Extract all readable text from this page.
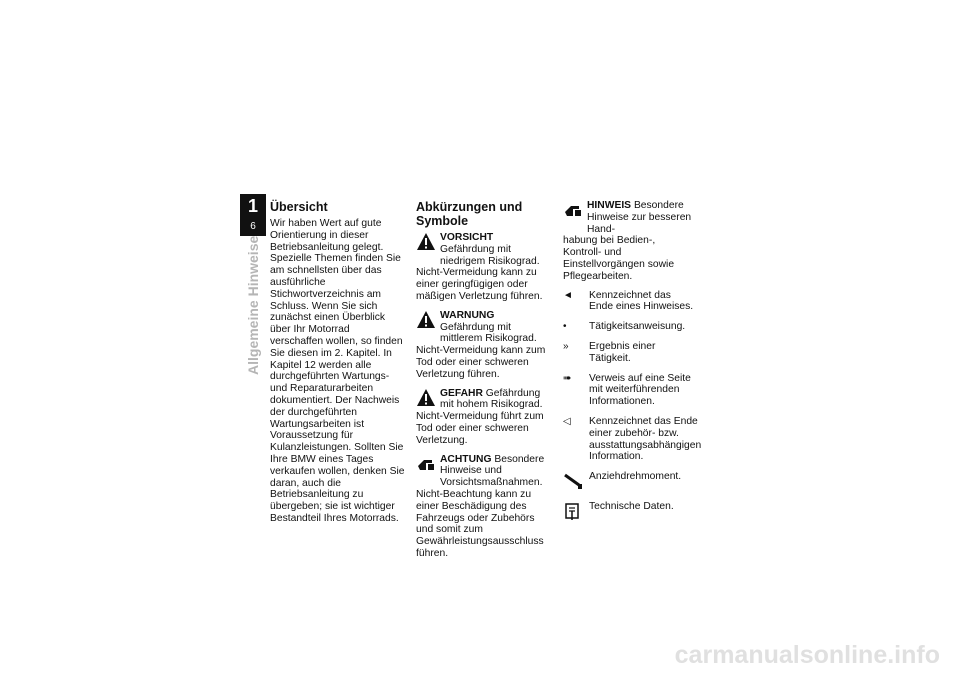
1
6
Allgemeine Hinweise
Übersicht

Wir haben Wert auf gute Orientierung in dieser Betriebsanleitung gelegt. Spezielle Themen finden Sie am schnellsten über das ausführliche Stichwortverzeichnis am Schluss. Wenn Sie sich zunächst einen Überblick über Ihr Motorrad verschaffen wollen, so finden Sie diesen im 2. Kapitel. In Kapitel 12 werden alle durchgeführten Wartungs- und Reparaturarbeiten dokumentiert. Der Nachweis der durchgeführten Wartungsarbeiten ist Voraussetzung für Kulanzleistungen. Sollten Sie Ihre BMW eines Tages verkaufen wollen, denken Sie daran, auch die Betriebsanleitung zu übergeben; sie ist wichtiger Bestandteil Ihres Motorrads.

Abkürzungen und Symbole
VORSICHT Gefährdung mit niedrigem Risikograd.

Nicht-Vermeidung kann zu einer geringfügigen oder mäßigen Verletzung führen.

WARNUNG Gefährdung mit mittlerem Risikograd.

Nicht-Vermeidung kann zum Tod oder einer schweren Verletzung führen.

GEFAHR Gefährdung mit hohem Risikograd.

Nicht-Vermeidung führt zum Tod oder einer schweren Verletzung.

ACHTUNG Besondere Hinweise und Vorsichtsmaßnahmen.

Nicht-Beachtung kann zu einer Beschädigung des Fahrzeugs oder Zubehörs und somit zum Gewährleistungsausschluss führen.

HINWEIS Besondere Hinweise zur besseren Hand-

habung bei Bedien-, Kontroll- und Einstellvorgängen sowie Pflegearbeiten.

◄	Kennzeichnet das Ende eines Hinweises.
•	Tätigkeitsanweisung.
»	Ergebnis einer Tätigkeit.
➠	Verweis auf eine Seite mit weiterführenden Informationen.
◁	Kennzeichnet das Ende einer zubehör- bzw. ausstattungsabhängigen Information.
Anziehdrehmoment.
Technische Daten.
carmanualsonline.info
